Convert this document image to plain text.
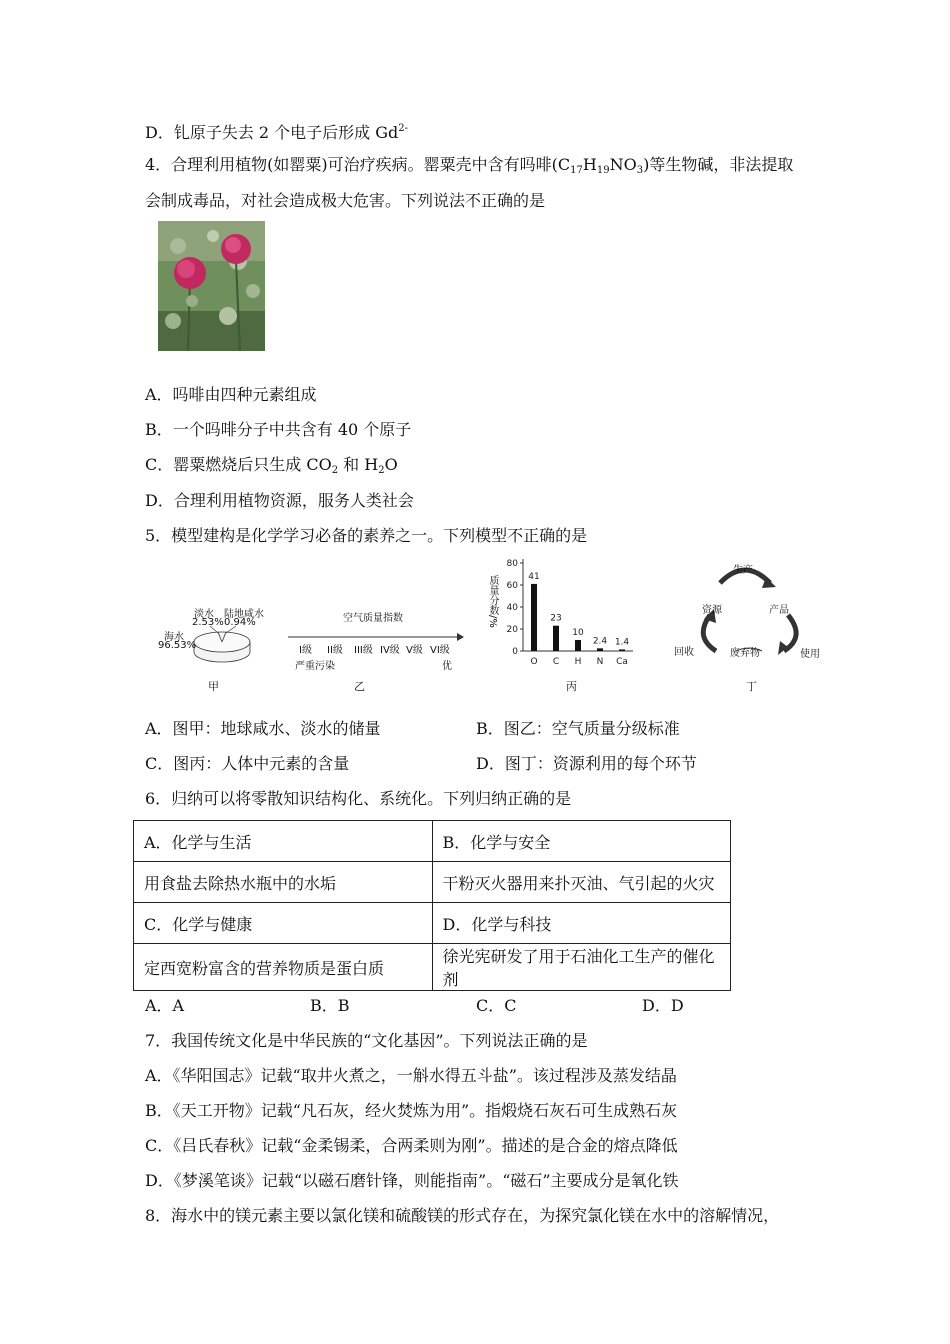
D．钆原子失去 2 个电子后形成 $Gd^{2-}$
4．合理利用植物(如罂粟)可治疗疾病。罂粟壳中含有吗啡$(C_{17}H_{19}NO_3)$等生物碱，非法提取
会制成毒品，对社会造成极大危害。下列说法不正确的是
A．吗啡由四种元素组成
B．一个吗啡分子中共含有 40 个原子
C．罂粟燃烧后只生成 $CO_2$ 和 $H_2O$
D．合理利用植物资源，服务人类社会
5．模型建构是化学学习必备的素养之一。下列模型不正确的是
淡水
2.53%
陆地咸水
0.94%
海水
96.53%
甲
空气质量指数
I级 II级 III级 IV级 V级 VI级
严重污染	优
乙
质量分数/%
0
20
40
60
80
41
O
23
C
10
H
2.4
N
1.4
Ca
丙
生产
资源	产品
回收	废弃物	使用
丁
A．图甲：地球咸水、淡水的储量	B．图乙：空气质量分级标准
C．图丙：人体中元素的含量	D．图丁：资源利用的每个环节
6．归纳可以将零散知识结构化、系统化。下列归纳正确的是
A．化学与生活	B．化学与安全
用食盐去除热水瓶中的水垢	干粉灭火器用来扑灭油、气引起的火灾
C．化学与健康	D．化学与科技
定西宽粉富含的营养物质是蛋白质	徐光宪研发了用于石油化工生产的催化剂
A．A	B．B	C．C	D．D
7．我国传统文化是中华民族的“文化基因”。下列说法正确的是
A．《华阳国志》记载“取井火煮之，一斛水得五斗盐”。该过程涉及蒸发结晶
B．《天工开物》记载“凡石灰，经火焚炼为用”。指煅烧石灰石可生成熟石灰
C．《吕氏春秋》记载“金柔锡柔，合两柔则为刚”。描述的是合金的熔点降低
D．《梦溪笔谈》记载“以磁石磨针锋，则能指南”。“磁石”主要成分是氧化铁
8．海水中的镁元素主要以氯化镁和硫酸镁的形式存在，为探究氯化镁在水中的溶解情况，
